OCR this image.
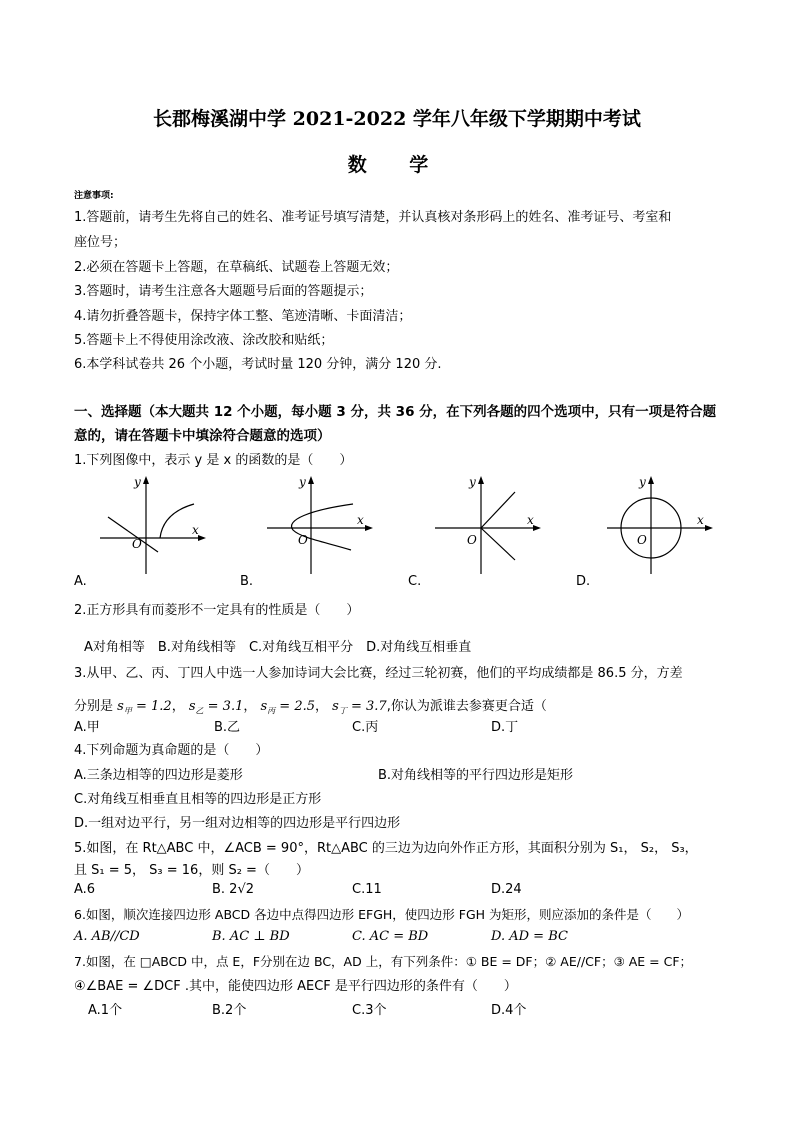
长郡梅溪湖中学 2021-2022 学年八年级下学期期中考试
数 学
注意事项:
1.答题前，请考生先将自己的姓名、准考证号填写清楚，并认真核对条形码上的姓名、准考证号、考室和
座位号；
2.必须在答题卡上答题，在草稿纸、试题卷上答题无效；
3.答题时，请考生注意各大题题号后面的答题提示；
4.请勿折叠答题卡，保持字体工整、笔迹清晰、卡面清洁；
5.答题卡上不得使用涂改液、涂改胶和贴纸；
6.本学科试卷共 26 个小题，考试时量 120 分钟，满分 120 分.
一、选择题（本大题共 12 个小题，每小题 3 分，共 36 分，在下列各题的四个选项中，只有一项是符合题
意的，请在答题卡中填涂符合题意的选项）
1.下列图像中，表示 y 是 x 的函数的是（　　）
y
x
O
y
x
O
y
x
O
y
x
O
A.	B.	C.	D.
2.正方形具有而菱形不一定具有的性质是（　　）
A对角相等　B.对角线相等　C.对角线互相平分　D.对角线互相垂直
3.从甲、乙、丙、丁四人中选一人参加诗词大会比赛，经过三轮初赛，他们的平均成绩都是 86.5 分，方差
分别是 $s_甲 = 1.2$， $s_乙 = 3.1$， $s_丙 = 2.5$， $s_丁 = 3.7$,你认为派谁去参赛更合适（
A.甲	B.乙	C.丙	D.丁
4.下列命题为真命题的是（　　）
A.三条边相等的四边形是菱形	B.对角线相等的平行四边形是矩形
C.对角线互相垂直且相等的四边形是正方形
D.一组对边平行，另一组对边相等的四边形是平行四边形
5.如图，在 Rt△ABC 中，∠ACB = 90°，Rt△ABC 的三边为边向外作正方形，其面积分别为 S₁， S₂， S₃，
且 S₁ = 5， S₃ = 16，则 S₂ =（　　）
A.6	B. 2√2	C.11	D.24
6.如图，顺次连接四边形 ABCD 各边中点得四边形 EFGH，使四边形 FGH 为矩形，则应添加的条件是（　　）
A. AB//CD	B. AC ⊥ BD	C. AC = BD	D. AD = BC
7.如图，在 □ABCD 中，点 E，F分别在边 BC，AD 上，有下列条件：① BE = DF；② AE//CF；③ AE = CF；
④∠BAE = ∠DCF .其中，能使四边形 AECF 是平行四边形的条件有（　　）
A.1个	B.2个	C.3个	D.4个
